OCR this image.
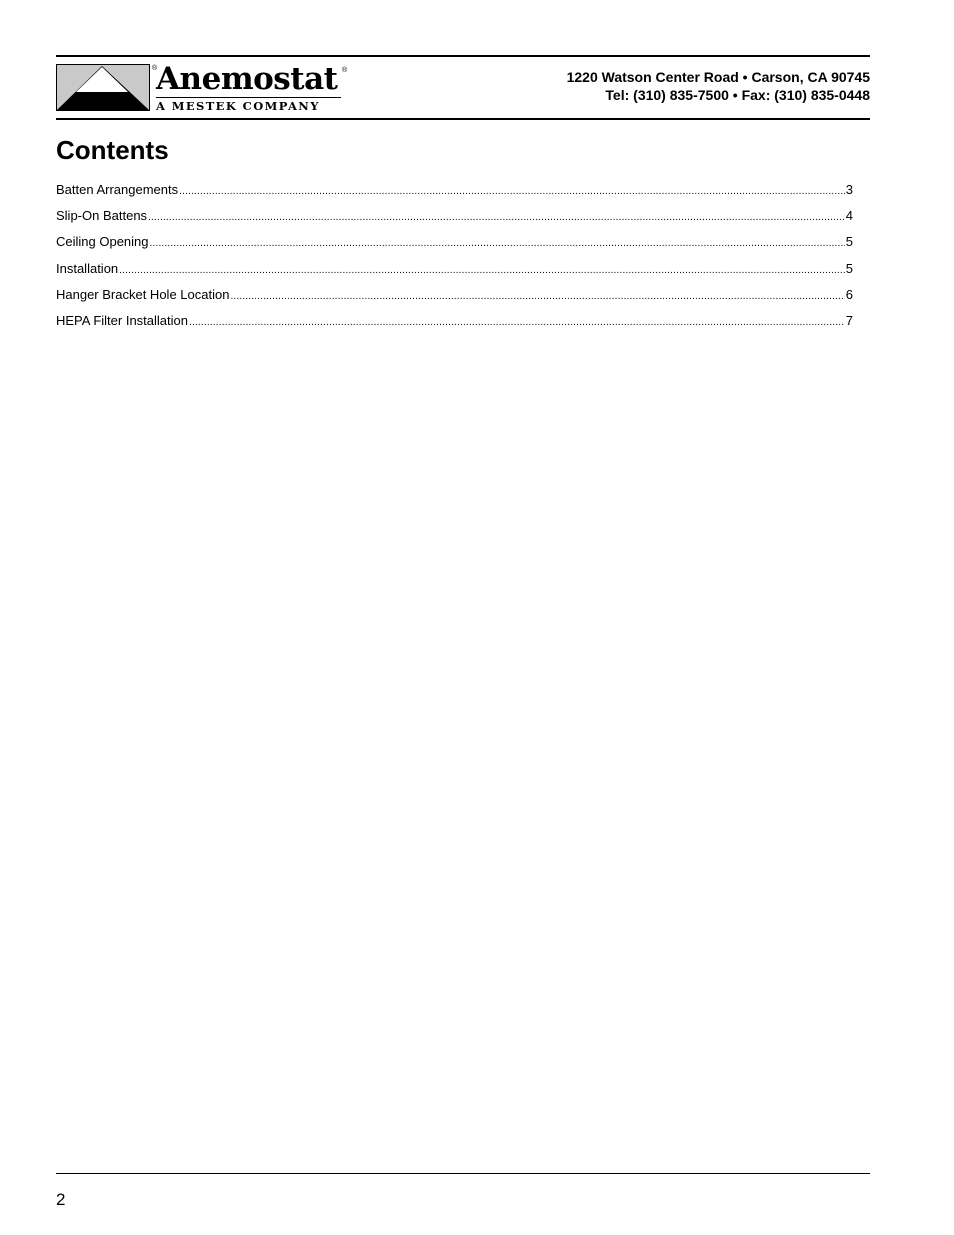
®
Anemostat ®
A MESTEK COMPANY
1220 Watson Center Road • Carson, CA 90745
Tel: (310) 835-7500 • Fax: (310) 835-0448
Contents
Batten Arrangements .....	3
Slip-On Battens .....	4
Ceiling Opening .....	5
Installation .....	5
Hanger Bracket Hole Location .....	6
HEPA Filter Installation .....	7
2
